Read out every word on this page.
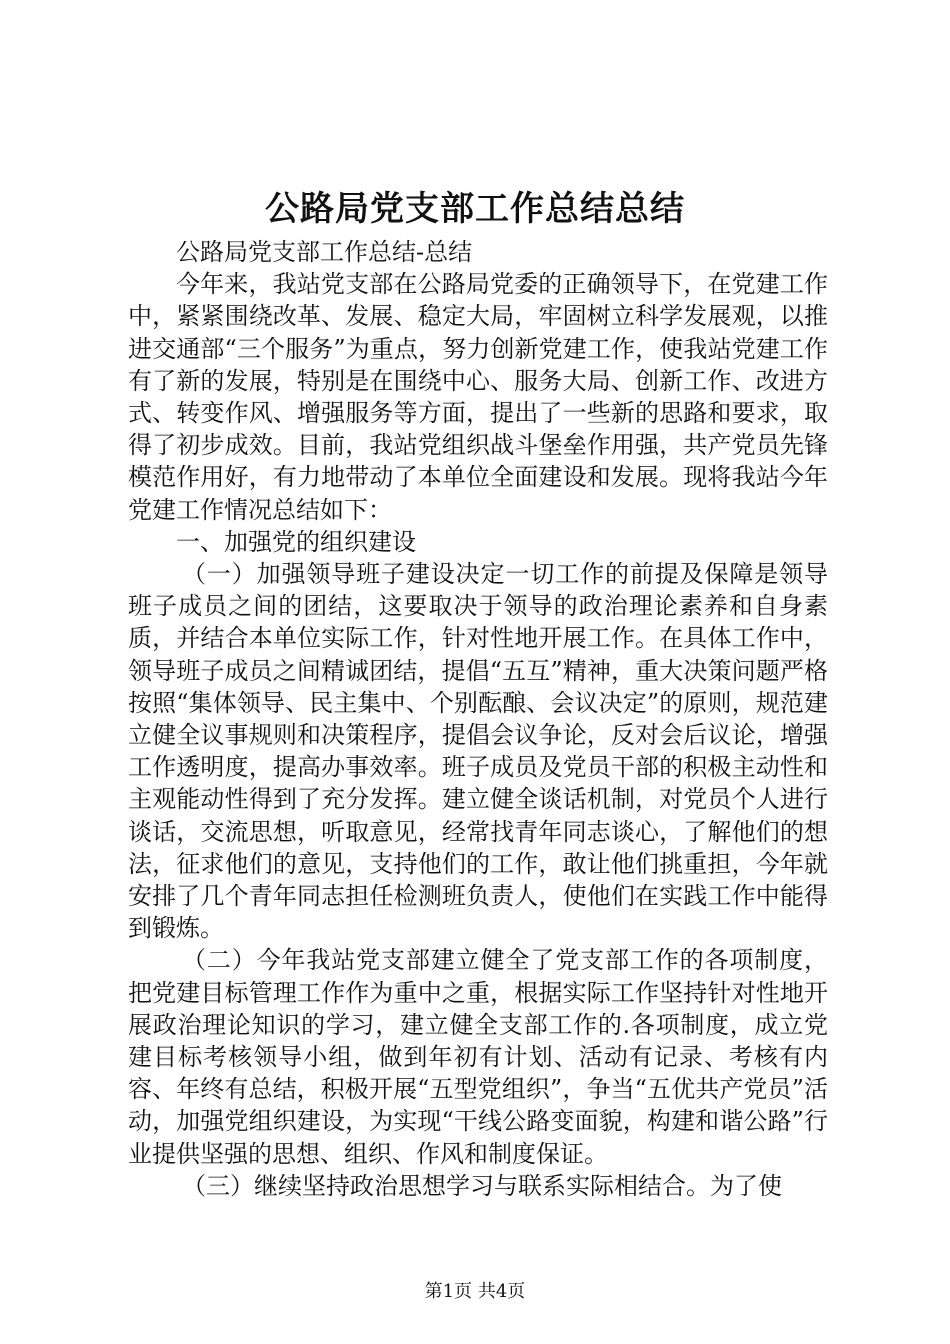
公路局党支部工作总结总结

公路局党支部工作总结-总结

今年来，我站党支部在公路局党委的正确领导下，在党建工作中，紧紧围绕改革、发展、稳定大局，牢固树立科学发展观，以推进交通部“三个服务”为重点，努力创新党建工作，使我站党建工作有了新的发展，特别是在围绕中心、服务大局、创新工作、改进方式、转变作风、增强服务等方面，提出了一些新的思路和要求，取得了初步成效。目前，我站党组织战斗堡垒作用强，共产党员先锋模范作用好，有力地带动了本单位全面建设和发展。现将我站今年党建工作情况总结如下：

一、加强党的组织建设

（一）加强领导班子建设决定一切工作的前提及保障是领导班子成员之间的团结，这要取决于领导的政治理论素养和自身素质，并结合本单位实际工作，针对性地开展工作。在具体工作中，领导班子成员之间精诚团结，提倡“五互”精神，重大决策问题严格按照“集体领导、民主集中、个别酝酿、会议决定”的原则，规范建立健全议事规则和决策程序，提倡会议争论，反对会后议论，增强工作透明度，提高办事效率。班子成员及党员干部的积极主动性和主观能动性得到了充分发挥。建立健全谈话机制，对党员个人进行谈话，交流思想，听取意见，经常找青年同志谈心，了解他们的想法，征求他们的意见，支持他们的工作，敢让他们挑重担，今年就安排了几个青年同志担任检测班负责人，使他们在实践工作中能得到锻炼。

（二）今年我站党支部建立健全了党支部工作的各项制度，把党建目标管理工作作为重中之重，根据实际工作坚持针对性地开展政治理论知识的学习，建立健全支部工作的.各项制度，成立党建目标考核领导小组，做到年初有计划、活动有记录、考核有内容、年终有总结，积极开展“五型党组织”，争当“五优共产党员”活动，加强党组织建设，为实现“干线公路变面貌，构建和谐公路”行业提供坚强的思想、组织、作风和制度保证。

（三）继续坚持政治思想学习与联系实际相结合。为了使

第1页 共4页
